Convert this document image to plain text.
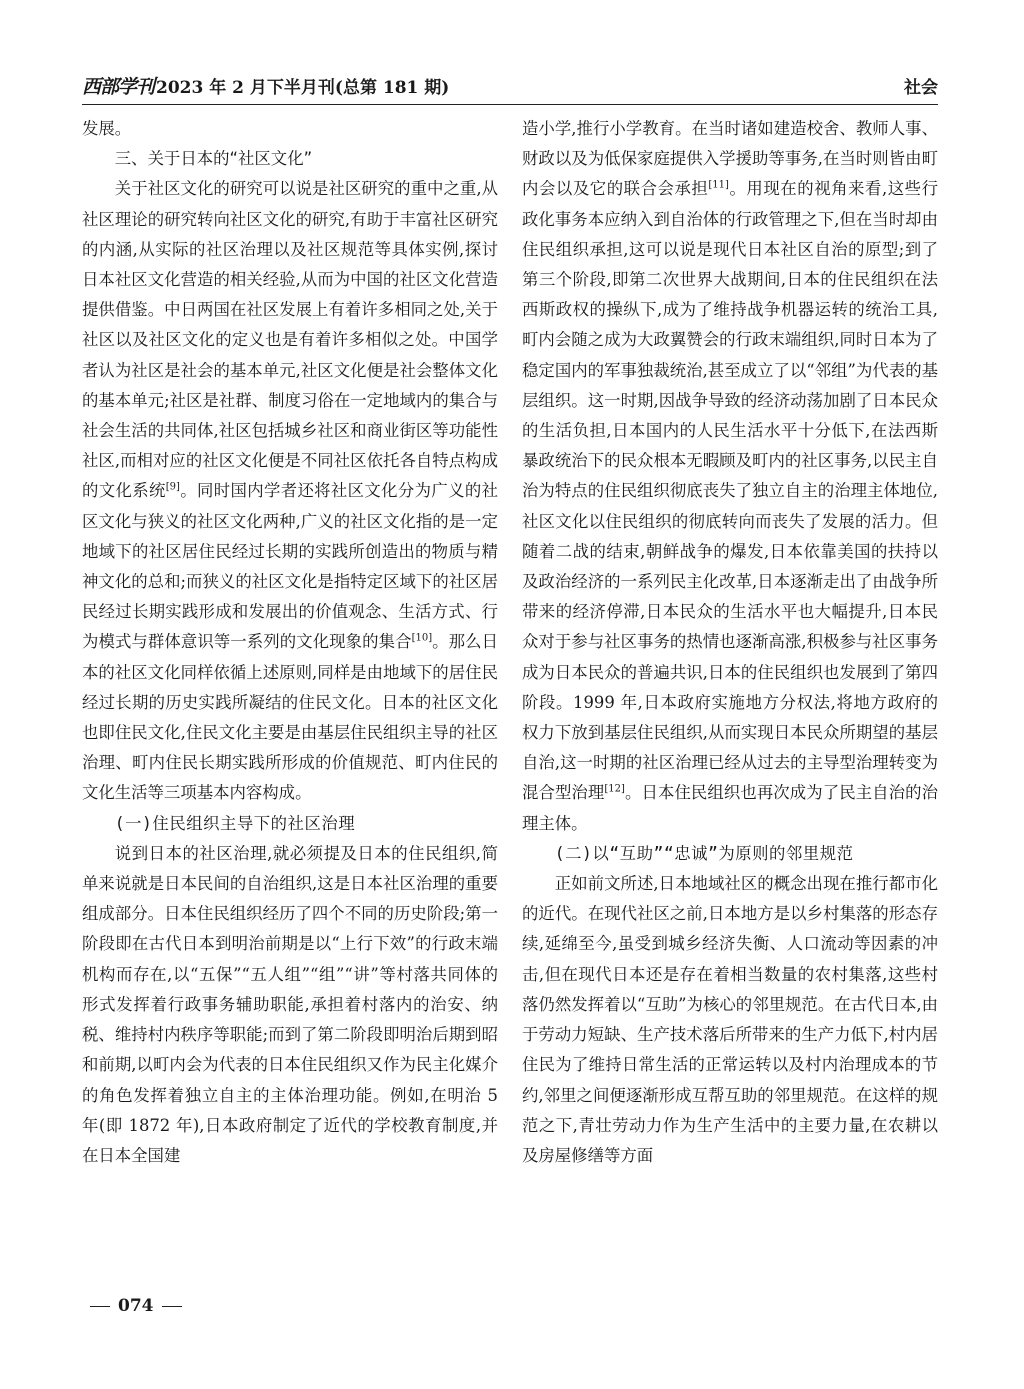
西部学刊 2023 年 2 月下半月刊(总第 181 期)	社会

发展。

三、关于日本的“社区文化”

关于社区文化的研究可以说是社区研究的重中之重,从社区理论的研究转向社区文化的研究,有助于丰富社区研究的内涵,从实际的社区治理以及社区规范等具体实例,探讨日本社区文化营造的相关经验,从而为中国的社区文化营造提供借鉴。中日两国在社区发展上有着许多相同之处,关于社区以及社区文化的定义也是有着许多相似之处。中国学者认为社区是社会的基本单元,社区文化便是社会整体文化的基本单元;社区是社群、制度习俗在一定地域内的集合与社会生活的共同体,社区包括城乡社区和商业街区等功能性社区,而相对应的社区文化便是不同社区依托各自特点构成的文化系统[9]。同时国内学者还将社区文化分为广义的社区文化与狭义的社区文化两种,广义的社区文化指的是一定地域下的社区居住民经过长期的实践所创造出的物质与精神文化的总和;而狭义的社区文化是指特定区域下的社区居民经过长期实践形成和发展出的价值观念、生活方式、行为模式与群体意识等一系列的文化现象的集合[10]。那么日本的社区文化同样依循上述原则,同样是由地域下的居住民经过长期的历史实践所凝结的住民文化。日本的社区文化也即住民文化,住民文化主要是由基层住民组织主导的社区治理、町内住民长期实践所形成的价值规范、町内住民的文化生活等三项基本内容构成。

(一)住民组织主导下的社区治理

说到日本的社区治理,就必须提及日本的住民组织,简单来说就是日本民间的自治组织,这是日本社区治理的重要组成部分。日本住民组织经历了四个不同的历史阶段;第一阶段即在古代日本到明治前期是以“上行下效”的行政末端机构而存在,以“五保”“五人组”“组”“讲”等村落共同体的形式发挥着行政事务辅助职能,承担着村落内的治安、纳税、维持村内秩序等职能;而到了第二阶段即明治后期到昭和前期,以町内会为代表的日本住民组织又作为民主化媒介的角色发挥着独立自主的主体治理功能。例如,在明治 5 年(即 1872 年),日本政府制定了近代的学校教育制度,并在日本全国建

造小学,推行小学教育。在当时诸如建造校舍、教师人事、财政以及为低保家庭提供入学援助等事务,在当时则皆由町内会以及它的联合会承担[11]。用现在的视角来看,这些行政化事务本应纳入到自治体的行政管理之下,但在当时却由住民组织承担,这可以说是现代日本社区自治的原型;到了第三个阶段,即第二次世界大战期间,日本的住民组织在法西斯政权的操纵下,成为了维持战争机器运转的统治工具,町内会随之成为大政翼赞会的行政末端组织,同时日本为了稳定国内的军事独裁统治,甚至成立了以“邻组”为代表的基层组织。这一时期,因战争导致的经济动荡加剧了日本民众的生活负担,日本国内的人民生活水平十分低下,在法西斯暴政统治下的民众根本无暇顾及町内的社区事务,以民主自治为特点的住民组织彻底丧失了独立自主的治理主体地位,社区文化以住民组织的彻底转向而丧失了发展的活力。但随着二战的结束,朝鲜战争的爆发,日本依靠美国的扶持以及政治经济的一系列民主化改革,日本逐渐走出了由战争所带来的经济停滞,日本民众的生活水平也大幅提升,日本民众对于参与社区事务的热情也逐渐高涨,积极参与社区事务成为日本民众的普遍共识,日本的住民组织也发展到了第四阶段。1999 年,日本政府实施地方分权法,将地方政府的权力下放到基层住民组织,从而实现日本民众所期望的基层自治,这一时期的社区治理已经从过去的主导型治理转变为混合型治理[12]。日本住民组织也再次成为了民主自治的治理主体。

(二)以“互助”“忠诚”为原则的邻里规范

正如前文所述,日本地域社区的概念出现在推行都市化的近代。在现代社区之前,日本地方是以乡村集落的形态存续,延绵至今,虽受到城乡经济失衡、人口流动等因素的冲击,但在现代日本还是存在着相当数量的农村集落,这些村落仍然发挥着以“互助”为核心的邻里规范。在古代日本,由于劳动力短缺、生产技术落后所带来的生产力低下,村内居住民为了维持日常生活的正常运转以及村内治理成本的节约,邻里之间便逐渐形成互帮互助的邻里规范。在这样的规范之下,青壮劳动力作为生产生活中的主要力量,在农耕以及房屋修缮等方面

074
